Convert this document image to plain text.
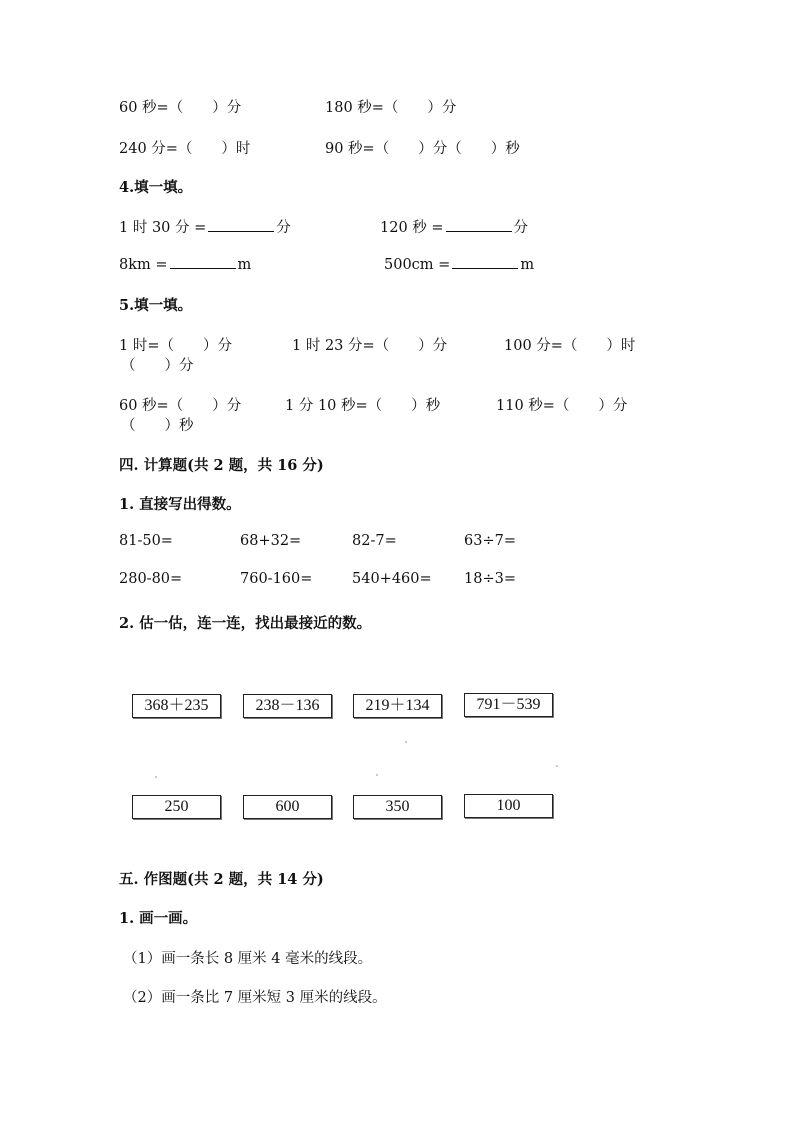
60 秒=（　　）分	180 秒=（　　）分
240 分=（　　）时	90 秒=（　　）分（　　）秒
4.填一填。
1 时 30 分 =	分	120 秒 =	分
8km =	m	500cm =	m
5.填一填。
1 时=（　　）分	1 时 23 分=（　　）分	100 分=（　　）时
（　　）分
60 秒=（　　）分	1 分 10 秒=（　　）秒	110 秒=（　　）分
（　　）秒
四. 计算题(共 2 题，共 16 分)
1. 直接写出得数。
81-50=	68+32=	82-7=	63÷7=
280-80=	760-160=	540+460= 18÷3=
2. 估一估，连一连，找出最接近的数。
368＋235	238－136	219＋134	791－539
250	600	350	100
五. 作图题(共 2 题，共 14 分)
1. 画一画。
（1）画一条长 8 厘米 4 毫米的线段。
（2）画一条比 7 厘米短 3 厘米的线段。
